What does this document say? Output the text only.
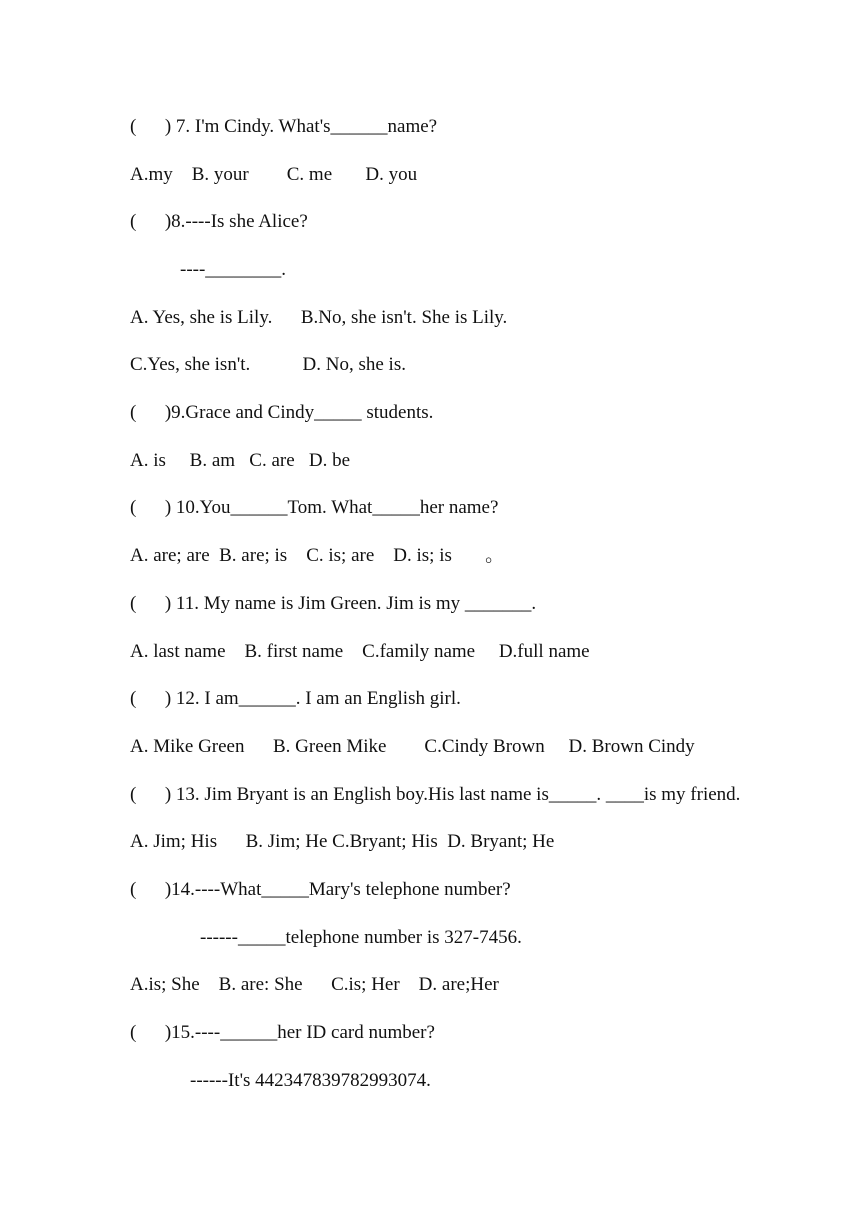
(      ) 7. I'm Cindy. What's______name?
A.my    B. your        C. me       D. you
(      )8.----Is she Alice?
----________.
A. Yes, she is Lily.      B.No, she isn't. She is Lily.
C.Yes, she isn't.           D. No, she is.
(      )9.Grace and Cindy_____ students.
A. is     B. am   C. are   D. be
(      ) 10.You______Tom. What_____her name?
A. are; are  B. are; is    C. is; are    D. is; is       。
(      ) 11. My name is Jim Green. Jim is my _______.
A. last name    B. first name    C.family name     D.full name
(      ) 12. I am______. I am an English girl.
A. Mike Green      B. Green Mike        C.Cindy Brown     D. Brown Cindy
(      ) 13. Jim Bryant is an English boy.His last name is_____. ____is my friend.
A. Jim; His      B. Jim; He C.Bryant; His  D. Bryant; He
(      )14.----What_____Mary's telephone number?
------_____telephone number is 327-7456.
A.is; She    B. are: She      C.is; Her    D. are;Her
(      )15.----______her ID card number?
------It's 442347839782993074.
